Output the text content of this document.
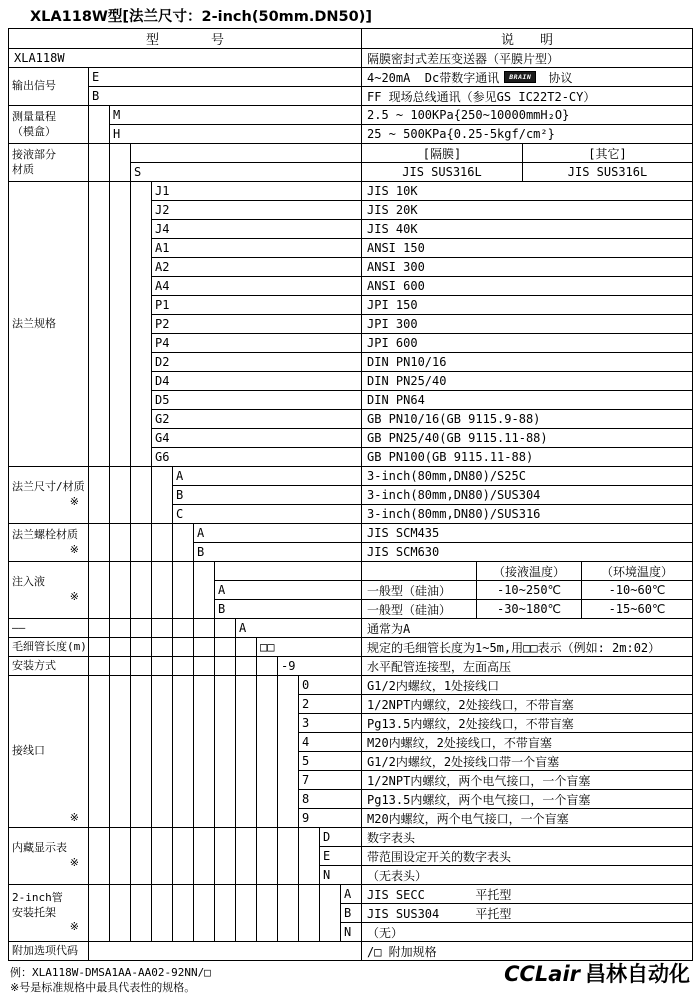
XLA118W型[法兰尺寸：2-inch(50mm.DN50)]
型　　　　号	说　　明
XLA118W	隔膜密封式差压变送器（平膜片型）
输出信号
E	4~20mA  Dc带数字通讯	BRAIN 协议
B	FF 现场总线通讯（参见GS IC22T2-CY）
测量量程
（模盒）
M	2.5 ~ 100KPa{250~10000mmH₂O}
H	25 ~ 500KPa{0.25-5kgf/cm²}
接液部分
材质
[隔膜]	[其它]
S	JIS SUS316L	JIS SUS316L
法兰规格
J1	JIS 10K
J2	JIS 20K
J4	JIS 40K
A1	ANSI 150
A2	ANSI 300
A4	ANSI 600
P1	JPI 150
P2	JPI 300
P4	JPI 600
D2	DIN PN10/16
D4	DIN PN25/40
D5	DIN PN64
G2	GB PN10/16(GB 9115.9-88)
G4	GB PN25/40(GB 9115.11-88)
G6	GB PN100(GB 9115.11-88)
法兰尺寸/材质
※
A	3-inch(80mm,DN80)/S25C
B	3-inch(80mm,DN80)/SUS304
C	3-inch(80mm,DN80)/SUS316
法兰螺栓材质
※
A	JIS SCM435
B	JIS SCM630
注入液
※
（接液温度）	（环境温度）
A	一般型（硅油）	-10~250℃	-10~60℃
B	一般型（硅油）	-30~180℃	-15~60℃
——	A	通常为A
毛细管长度(m)	□□	规定的毛细管长度为1~5m,用□□表示（例如: 2m:02）
安装方式	-9	水平配管连接型，左面高压
接线口
※
0	G1/2内螺纹，1处接线口
2	1/2NPT内螺纹，2处接线口，不带盲塞
3	Pg13.5内螺纹，2处接线口，不带盲塞
4	M20内螺纹，2处接线口，不带盲塞
5	G1/2内螺纹，2处接线口带一个盲塞
7	1/2NPT内螺纹，两个电气接口，一个盲塞
8	Pg13.5内螺纹，两个电气接口，一个盲塞
9	M20内螺纹，两个电气接口，一个盲塞
内藏显示表
※
D	数字表头
E	带范围设定开关的数字表头
N	（无表头）
2-inch管
安装托架
※
A	JIS SECC       平托型
B	JIS SUS304     平托型
N	（无）
附加选项代码	/□ 附加规格
例：XLA118W-DMSA1AA-AA02-92NN/□
※号是标准规格中最具代表性的规格。
CCLair 昌林自动化
